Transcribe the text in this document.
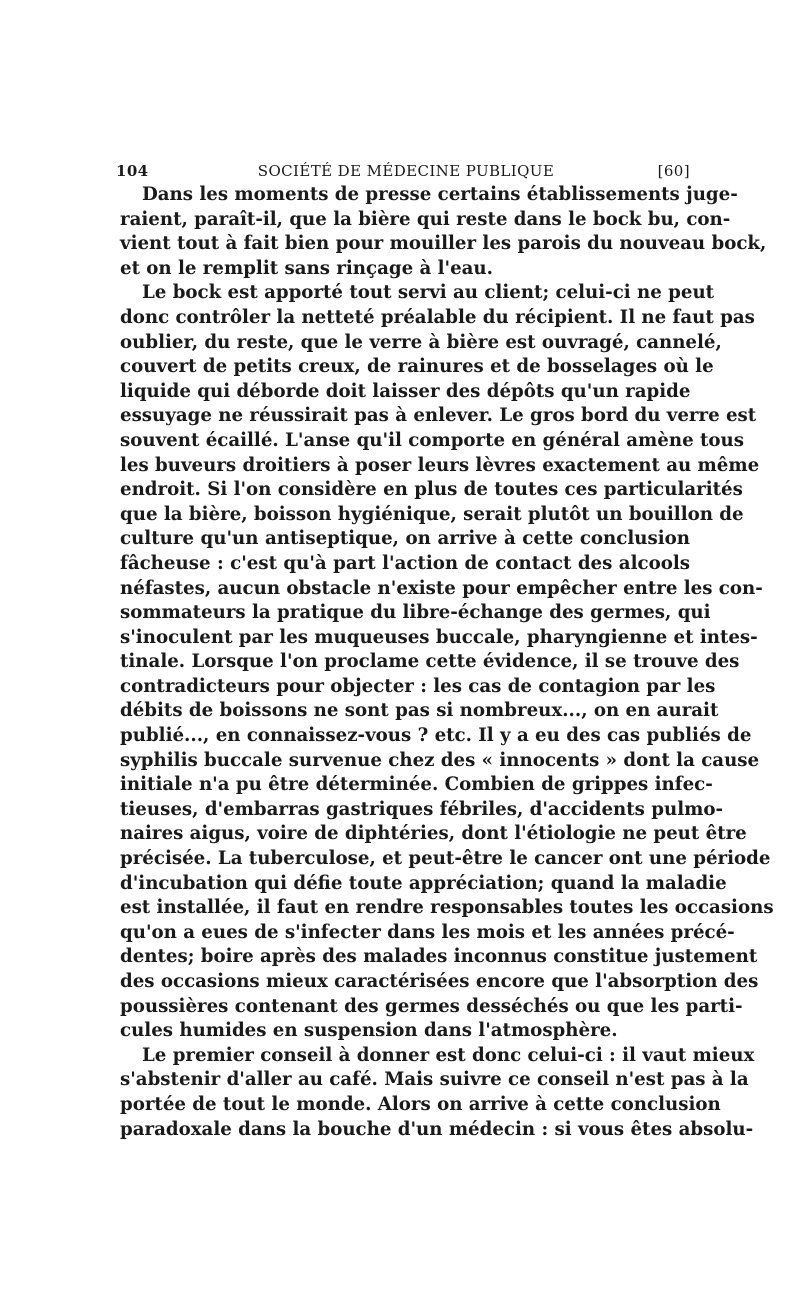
104	SOCIÉTÉ DE MÉDECINE PUBLIQUE	[60]
Dans les moments de presse certains établissements juge-
raient, paraît-il, que la bière qui reste dans le bock bu, con-
vient tout à fait bien pour mouiller les parois du nouveau bock,
et on le remplit sans rinçage à l'eau.
Le bock est apporté tout servi au client; celui-ci ne peut
donc contrôler la netteté préalable du récipient. Il ne faut pas
oublier, du reste, que le verre à bière est ouvragé, cannelé,
couvert de petits creux, de rainures et de bosselages où le
liquide qui déborde doit laisser des dépôts qu'un rapide
essuyage ne réussirait pas à enlever. Le gros bord du verre est
souvent écaillé. L'anse qu'il comporte en général amène tous
les buveurs droitiers à poser leurs lèvres exactement au même
endroit. Si l'on considère en plus de toutes ces particularités
que la bière, boisson hygiénique, serait plutôt un bouillon de
culture qu'un antiseptique, on arrive à cette conclusion
fâcheuse : c'est qu'à part l'action de contact des alcools
néfastes, aucun obstacle n'existe pour empêcher entre les con-
sommateurs la pratique du libre-échange des germes, qui
s'inoculent par les muqueuses buccale, pharyngienne et intes-
tinale. Lorsque l'on proclame cette évidence, il se trouve des
contradicteurs pour objecter : les cas de contagion par les
débits de boissons ne sont pas si nombreux..., on en aurait
publié..., en connaissez-vous ? etc. Il y a eu des cas publiés de
syphilis buccale survenue chez des « innocents » dont la cause
initiale n'a pu être déterminée. Combien de grippes infec-
tieuses, d'embarras gastriques fébriles, d'accidents pulmo-
naires aigus, voire de diphtéries, dont l'étiologie ne peut être
précisée. La tuberculose, et peut-être le cancer ont une période
d'incubation qui défie toute appréciation; quand la maladie
est installée, il faut en rendre responsables toutes les occasions
qu'on a eues de s'infecter dans les mois et les années précé-
dentes; boire après des malades inconnus constitue justement
des occasions mieux caractérisées encore que l'absorption des
poussières contenant des germes desséchés ou que les parti-
cules humides en suspension dans l'atmosphère.
Le premier conseil à donner est donc celui-ci : il vaut mieux
s'abstenir d'aller au café. Mais suivre ce conseil n'est pas à la
portée de tout le monde. Alors on arrive à cette conclusion
paradoxale dans la bouche d'un médecin : si vous êtes absolu-
